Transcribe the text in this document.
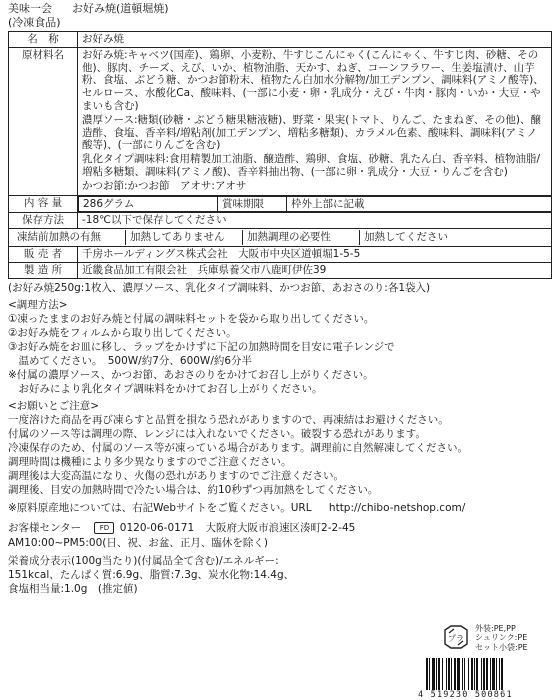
美味一会 お好み焼(道頓堀焼)
(冷凍食品)
名　称	お好み焼
原材料名	お好み焼:キャベツ(国産)、鶏卵、小麦粉、牛すじこんにゃく(こんにゃく、牛すじ肉、砂糖、その他)、豚肉、チーズ、えび、いか、植物油脂、天かす、ねぎ、コーンフラワー、生姜塩漬け、山芋粉、食塩、ぶどう糖、かつお節粉末、植物たん白加水分解物/加工デンプン、調味料(アミノ酸等)、セルロース、水酸化Ca、酸味料、(一部に小麦・卵・乳成分・えび・牛肉・豚肉・いか・大豆・やまいも含む)
濃厚ソース:糖類(砂糖・ぶどう糖果糖液糖)、野菜・果実(トマト、りんご、たまねぎ、その他)、醸造酢、食塩、香辛料/増粘剤(加工デンプン、増粘多糖類)、カラメル色素、酸味料、調味料(アミノ酸等)、(一部にりんごを含む)
乳化タイプ調味料:食用精製加工油脂、醸造酢、鶏卵、食塩、砂糖、乳たん白、香辛料、植物油脂/増粘多糖類、調味料(アミノ酸)、香辛料抽出物、(一部に卵・乳成分・大豆・りんごを含む)
かつお節:かつお節　アオサ:アオサ

内 容 量		286グラム	賞味期限	枠外上部に記載

保存方法	-18℃以下で保存してください

凍結前加熱の有無 加熱してありません 加熱調理の必要性 加熱してください	

販 売 者	千房ホールディングス株式会社　大阪市中央区道頓堀1-5-5
製 造 所	近畿食品加工有限会社　兵庫県養父市八鹿町伊佐39
(お好み焼250g:1枚入、濃厚ソース、乳化タイプ調味料、かつお節、あおさのり:各1袋入)
<調理方法>
①凍ったままのお好み焼と付属の調味料セットを袋から取り出してください。
②お好み焼をフィルムから取り出してください。
③お好み焼をお皿に移し、ラップをかけずに下記の加熱時間を目安に電子レンジで
　温めてください。　500W/約7分、600W/約6分半
※付属の濃厚ソース、かつお節、あおさのりをかけてお召し上がりください。
　お好みにより乳化タイプ調味料をかけてお召し上がりください。
<お願いとご注意>
一度溶けた商品を再び凍らすと品質を損なう恐れがありますので、再凍結はお避けください。
付属のソース等は調理の際、レンジには入れないでください。破裂する恐れがあります。
冷凍保存のため、付属のソース等が凍っている場合があります。調理前に自然解凍してください。
調理時間は機種により多少異なりますのでご注意ください。
調理後は大変高温になり、火傷の恐れがありますのでご注意ください。
調理後、目安の加熱時間で冷たい場合は、約10秒ずつ再加熱をしてください。
※原料原産地については、右記Webサイトをご覧ください。URL http://chibo-netshop.com/
お客様センター	FD 0120-06-0171 大阪府大阪市浪速区湊町2-2-45
AM10:00~PM5:00(日、祝、お盆、正月、臨休を除く)
栄養成分表示(100g当たり)(付属品全て含む)/エネルギー:
151kcal、たんぱく質:6.9g、脂質:7.3g、炭水化物:14.4g、
食塩相当量:1.0g　(推定値)
プラ
外装:PE,PP
シュリンク:PE
セット小袋:PE
4 519230 500861
